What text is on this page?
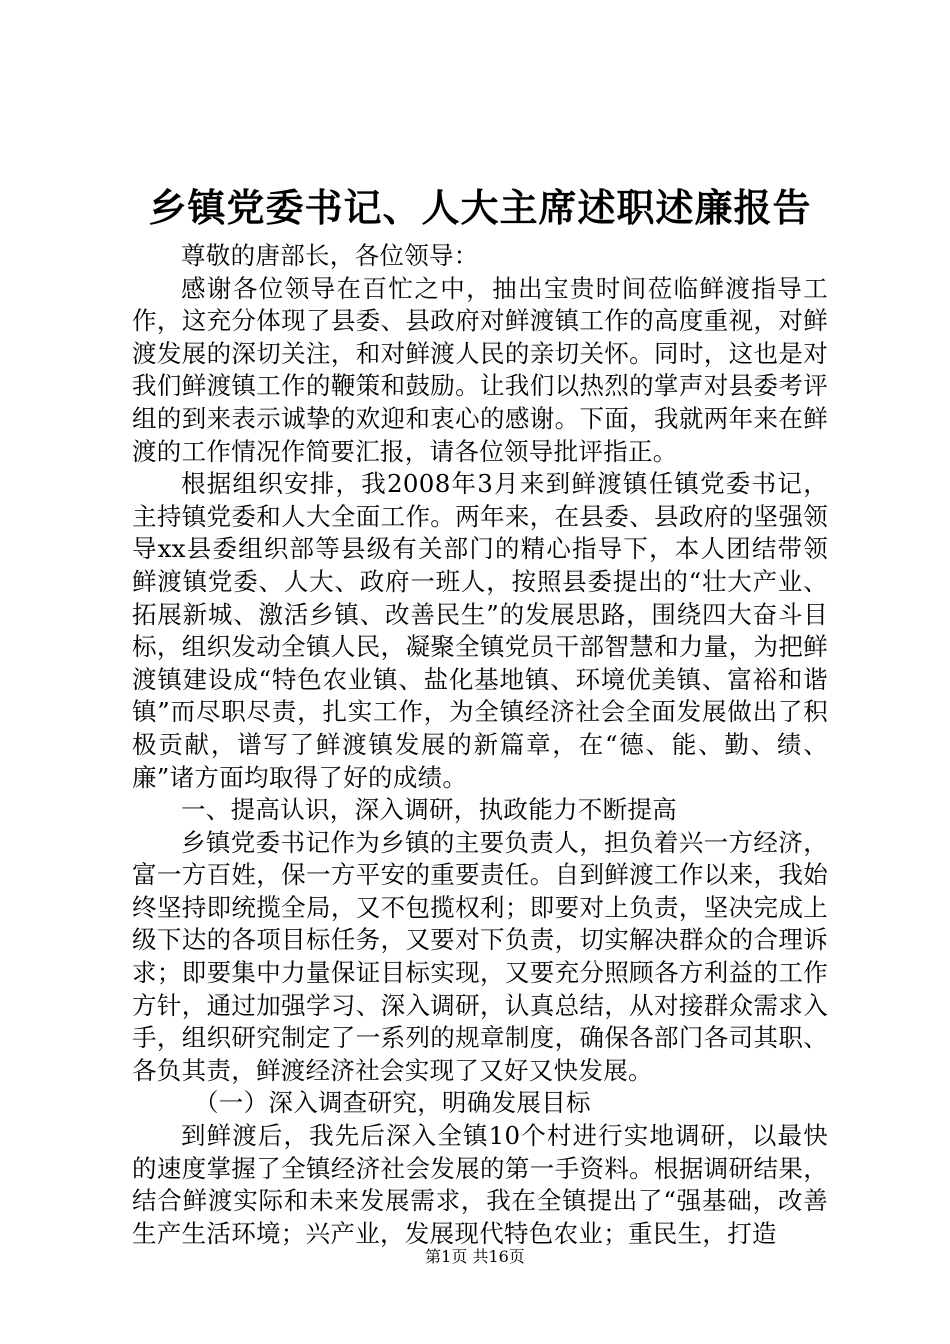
乡镇党委书记、人大主席述职述廉报告

尊敬的唐部长，各位领导：

感谢各位领导在百忙之中，抽出宝贵时间莅临鲜渡指导工作，这充分体现了县委、县政府对鲜渡镇工作的高度重视，对鲜渡发展的深切关注，和对鲜渡人民的亲切关怀。同时，这也是对我们鲜渡镇工作的鞭策和鼓励。让我们以热烈的掌声对县委考评组的到来表示诚挚的欢迎和衷心的感谢。下面，我就两年来在鲜渡的工作情况作简要汇报，请各位领导批评指正。

根据组织安排，我2008年3月来到鲜渡镇任镇党委书记，主持镇党委和人大全面工作。两年来，在县委、县政府的坚强领导xx县委组织部等县级有关部门的精心指导下，本人团结带领鲜渡镇党委、人大、政府一班人，按照县委提出的“壮大产业、拓展新城、激活乡镇、改善民生”的发展思路，围绕四大奋斗目标，组织发动全镇人民，凝聚全镇党员干部智慧和力量，为把鲜渡镇建设成“特色农业镇、盐化基地镇、环境优美镇、富裕和谐镇”而尽职尽责，扎实工作，为全镇经济社会全面发展做出了积极贡献，谱写了鲜渡镇发展的新篇章，在“德、能、勤、绩、廉”诸方面均取得了好的成绩。

一、提高认识，深入调研，执政能力不断提高

乡镇党委书记作为乡镇的主要负责人，担负着兴一方经济，富一方百姓，保一方平安的重要责任。自到鲜渡工作以来，我始终坚持即统揽全局，又不包揽权利；即要对上负责，坚决完成上级下达的各项目标任务，又要对下负责，切实解决群众的合理诉求；即要集中力量保证目标实现，又要充分照顾各方利益的工作方针，通过加强学习、深入调研，认真总结，从对接群众需求入手，组织研究制定了一系列的规章制度，确保各部门各司其职、各负其责，鲜渡经济社会实现了又好又快发展。

（一）深入调查研究，明确发展目标

到鲜渡后，我先后深入全镇10个村进行实地调研，以最快的速度掌握了全镇经济社会发展的第一手资料。根据调研结果，结合鲜渡实际和未来发展需求，我在全镇提出了“强基础，改善生产生活环境；兴产业，发展现代特色农业；重民生，打造

第1页 共16页
